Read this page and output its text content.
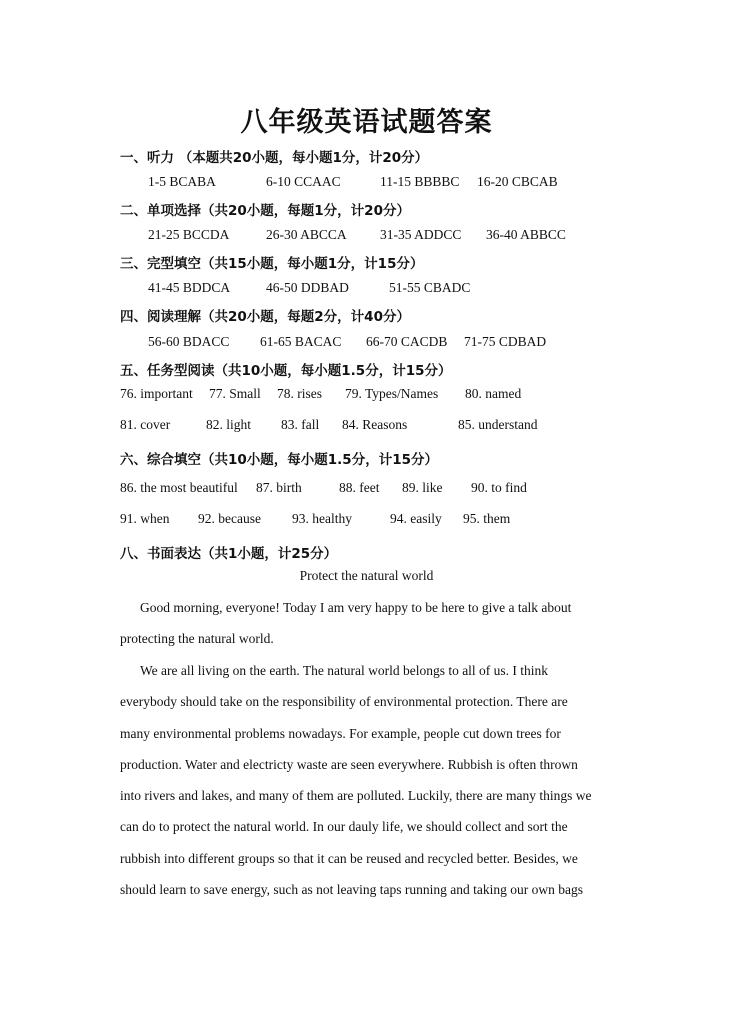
八年级英语试题答案
一、听力 （本题共20小题，每小题1分，计20分）
1-5 BCABA	6-10 CCAAC	11-15 BBBBC 16-20 CBCAB
二、单项选择（共20小题，每题1分，计20分）
21-25 BCCDA	26-30 ABCCA 31-35 ADDCC 36-40 ABBCC
三、完型填空（共15小题，每小题1分，计15分）
41-45 BDDCA	46-50 DDBAD	51-55 CBADC
四、阅读理解（共20小题，每题2分，计40分）
56-60 BDACC 61-65 BACAC 66-70 CACDB 71-75 CDBAD
五、任务型阅读（共10小题，每小题1.5分，计15分）
76. important 77. Small 78. rises 79. Types/Names 80. named
81. cover	82. light 83. fall 84. Reasons	85. understand
六、综合填空（共10小题，每小题1.5分，计15分）
86. the most beautiful 87. birth	88. feet 89. like 90. to find
91. when 92. because 93. healthy	94. easily 95. them
八、书面表达（共1小题，计25分）
Protect the natural world
Good morning, everyone! Today I am very happy to be here to give a talk about
protecting the natural world.
We are all living on the earth. The natural world belongs to all of us. I think
everybody should take on the responsibility of environmental protection. There are
many environmental problems nowadays. For example, people cut down trees for
production. Water and electricty waste are seen everywhere. Rubbish is often thrown
into rivers and lakes, and many of them are polluted. Luckily, there are many things we
can do to protect the natural world. In our dauly life, we should collect and sort the
rubbish into different groups so that it can be reused and recycled better. Besides, we
should learn to save energy, such as not leaving taps running and taking our own bags
